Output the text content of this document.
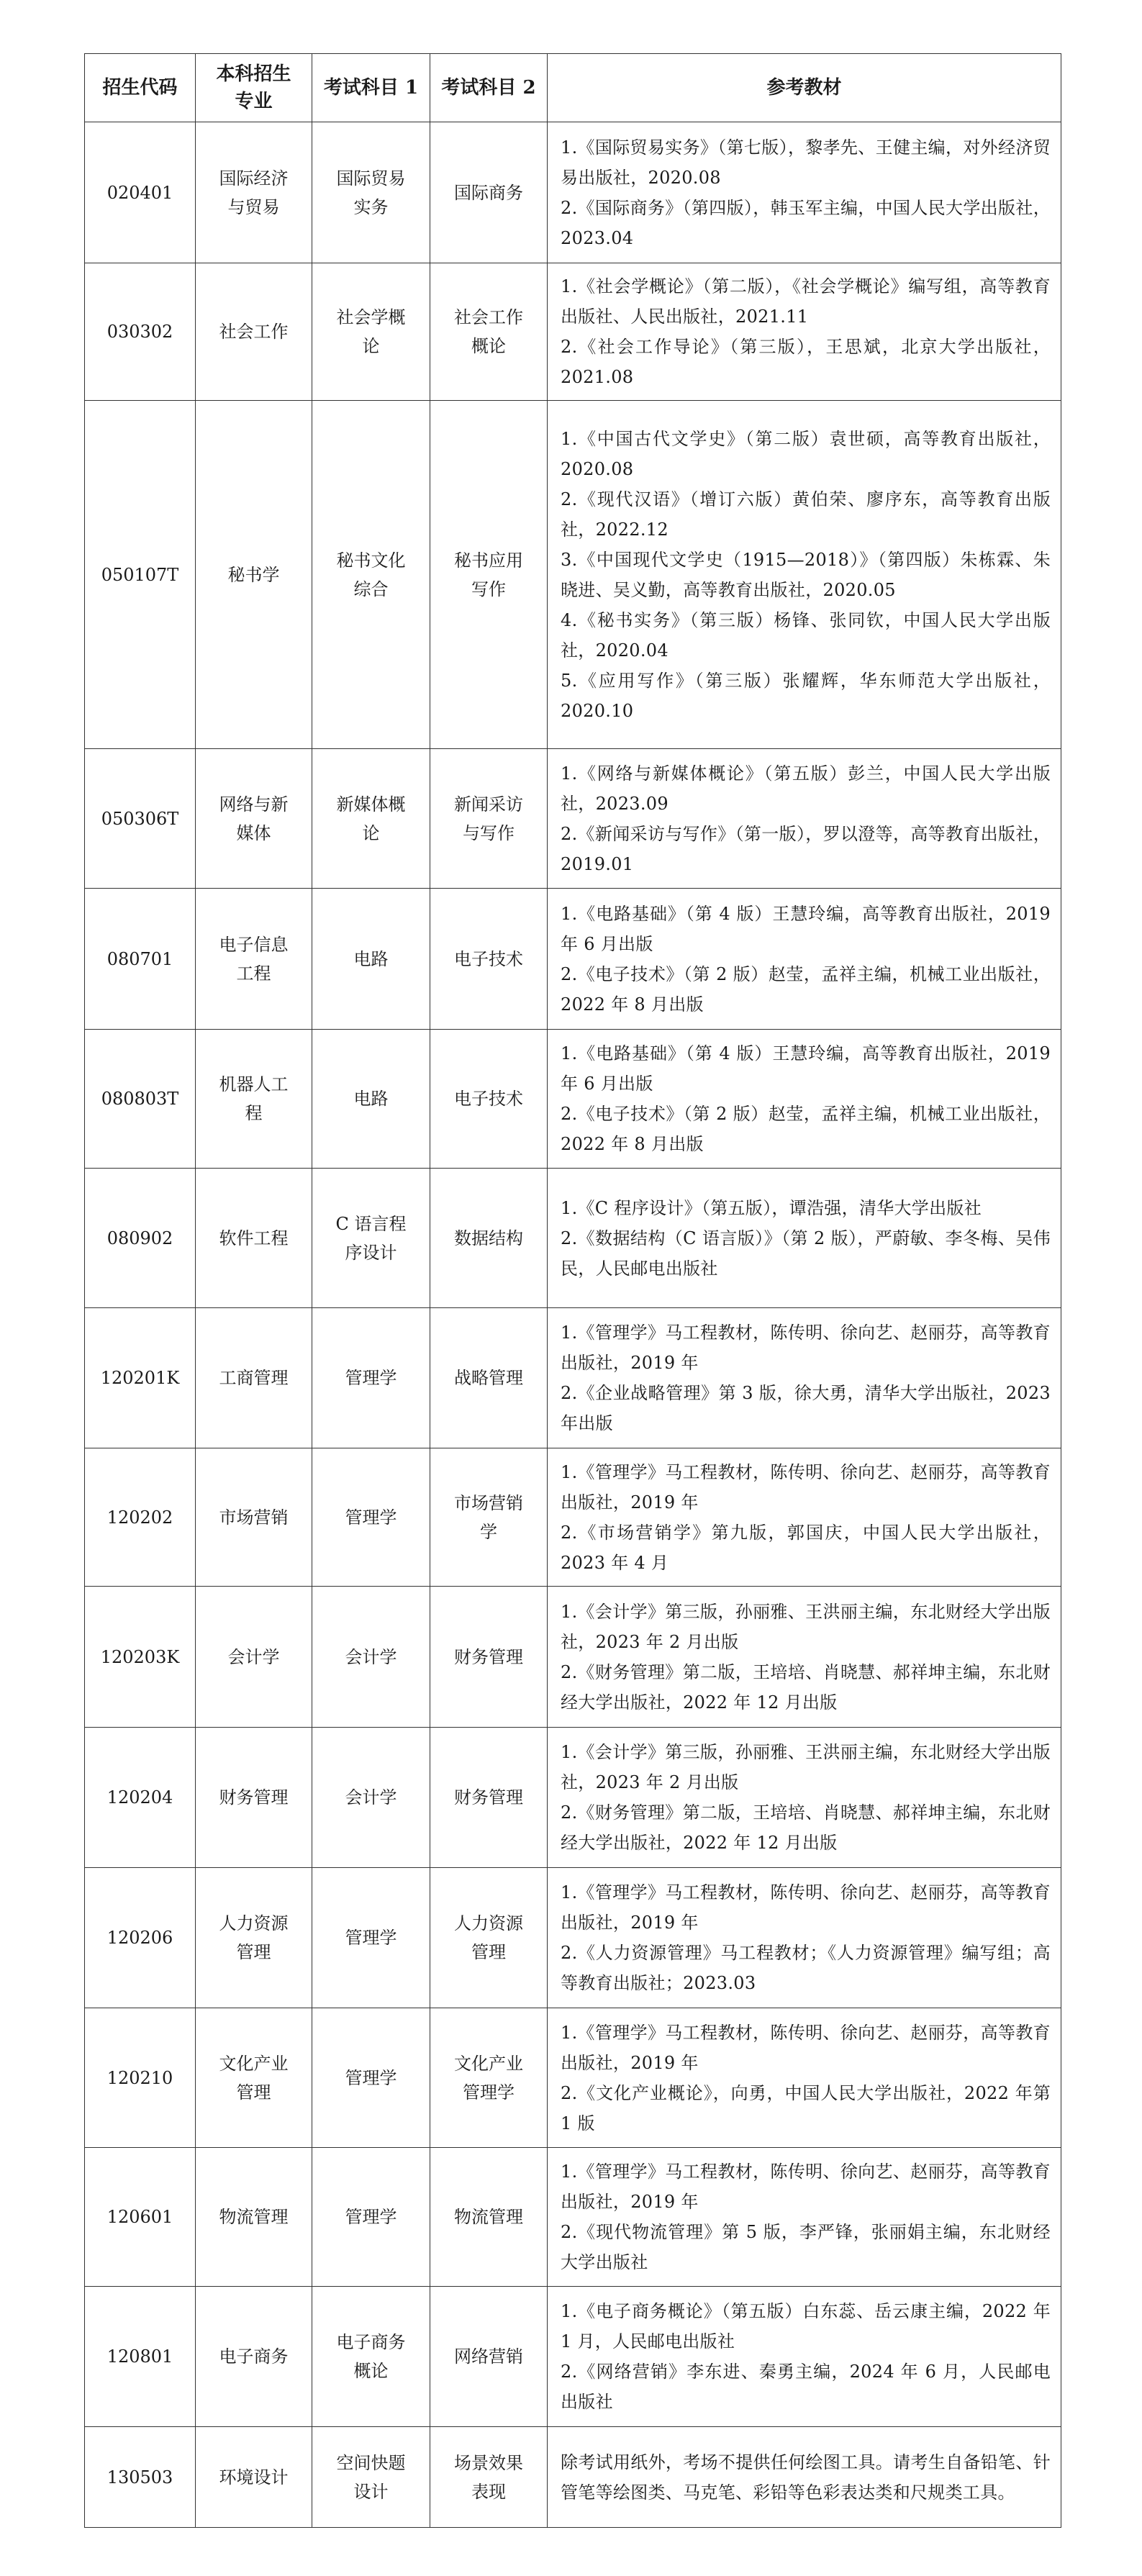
招生代码	本科招生专业	考试科目 1	考试科目 2	参考教材
020401	国际经济与贸易	国际贸易实务	国际商务	1.《国际贸易实务》（第七版），黎孝先、王健主编，对外经济贸易出版社，2020.08
2.《国际商务》（第四版），韩玉军主编，中国人民大学出版社，2023.04

030302	社会工作	社会学概论	社会工作概论	1.《社会学概论》（第二版），《社会学概论》编写组，高等教育出版社、人民出版社，2021.11
2.《社会工作导论》（第三版），王思斌，北京大学出版社，2021.08

050107T	秘书学	秘书文化综合	秘书应用写作	1.《中国古代文学史》（第二版）袁世硕，高等教育出版社，2020.08
2.《现代汉语》（增订六版）黄伯荣、廖序东，高等教育出版社，2022.12
3.《中国现代文学史（1915—2018）》（第四版）朱栋霖、朱晓进、吴义勤，高等教育出版社，2020.05
4.《秘书实务》（第三版）杨锋、张同钦，中国人民大学出版社，2020.04
5.《应用写作》（第三版）张耀辉，华东师范大学出版社，2020.10

050306T	网络与新媒体	新媒体概论	新闻采访与写作	1.《网络与新媒体概论》（第五版）彭兰，中国人民大学出版社，2023.09
2.《新闻采访与写作》（第一版），罗以澄等，高等教育出版社，2019.01

080701	电子信息工程	电路	电子技术	1.《电路基础》（第 4 版）王慧玲编，高等教育出版社，2019 年 6 月出版
2.《电子技术》（第 2 版）赵莹，孟祥主编，机械工业出版社，2022 年 8 月出版

080803T	机器人工程	电路	电子技术	1.《电路基础》（第 4 版）王慧玲编，高等教育出版社，2019 年 6 月出版
2.《电子技术》（第 2 版）赵莹，孟祥主编，机械工业出版社，2022 年 8 月出版

080902	软件工程	C 语言程序设计	数据结构	1.《C 程序设计》（第五版），谭浩强，清华大学出版社
2.《数据结构（C 语言版）》（第 2 版），严蔚敏、李冬梅、吴伟民，人民邮电出版社

120201K	工商管理	管理学	战略管理	1.《管理学》马工程教材，陈传明、徐向艺、赵丽芬，高等教育出版社，2019 年
2.《企业战略管理》第 3 版，徐大勇，清华大学出版社，2023 年出版

120202	市场营销	管理学	市场营销学	1.《管理学》马工程教材，陈传明、徐向艺、赵丽芬，高等教育出版社，2019 年
2.《市场营销学》第九版，郭国庆，中国人民大学出版社，2023 年 4 月

120203K	会计学	会计学	财务管理	1.《会计学》第三版，孙丽雅、王洪丽主编，东北财经大学出版社，2023 年 2 月出版
2.《财务管理》第二版，王培培、肖晓慧、郝祥坤主编，东北财经大学出版社，2022 年 12 月出版

120204	财务管理	会计学	财务管理	1.《会计学》第三版，孙丽雅、王洪丽主编，东北财经大学出版社，2023 年 2 月出版
2.《财务管理》第二版，王培培、肖晓慧、郝祥坤主编，东北财经大学出版社，2022 年 12 月出版

120206	人力资源管理	管理学	人力资源管理	1.《管理学》马工程教材，陈传明、徐向艺、赵丽芬，高等教育出版社，2019 年
2.《人力资源管理》马工程教材；《人力资源管理》编写组；高等教育出版社；2023.03

120210	文化产业管理	管理学	文化产业管理学	1.《管理学》马工程教材，陈传明、徐向艺、赵丽芬，高等教育出版社，2019 年
2.《文化产业概论》，向勇，中国人民大学出版社，2022 年第 1 版

120601	物流管理	管理学	物流管理	1.《管理学》马工程教材，陈传明、徐向艺、赵丽芬，高等教育出版社，2019 年
2.《现代物流管理》第 5 版，李严锋，张丽娟主编，东北财经大学出版社

120801	电子商务	电子商务概论	网络营销	1.《电子商务概论》（第五版）白东蕊、岳云康主编，2022 年 1 月，人民邮电出版社
2.《网络营销》李东进、秦勇主编，2024 年 6 月，人民邮电出版社

130503	环境设计	空间快题设计	场景效果表现	除考试用纸外，考场不提供任何绘图工具。请考生自备铅笔、针管笔等绘图类、马克笔、彩铅等色彩表达类和尺规类工具。
